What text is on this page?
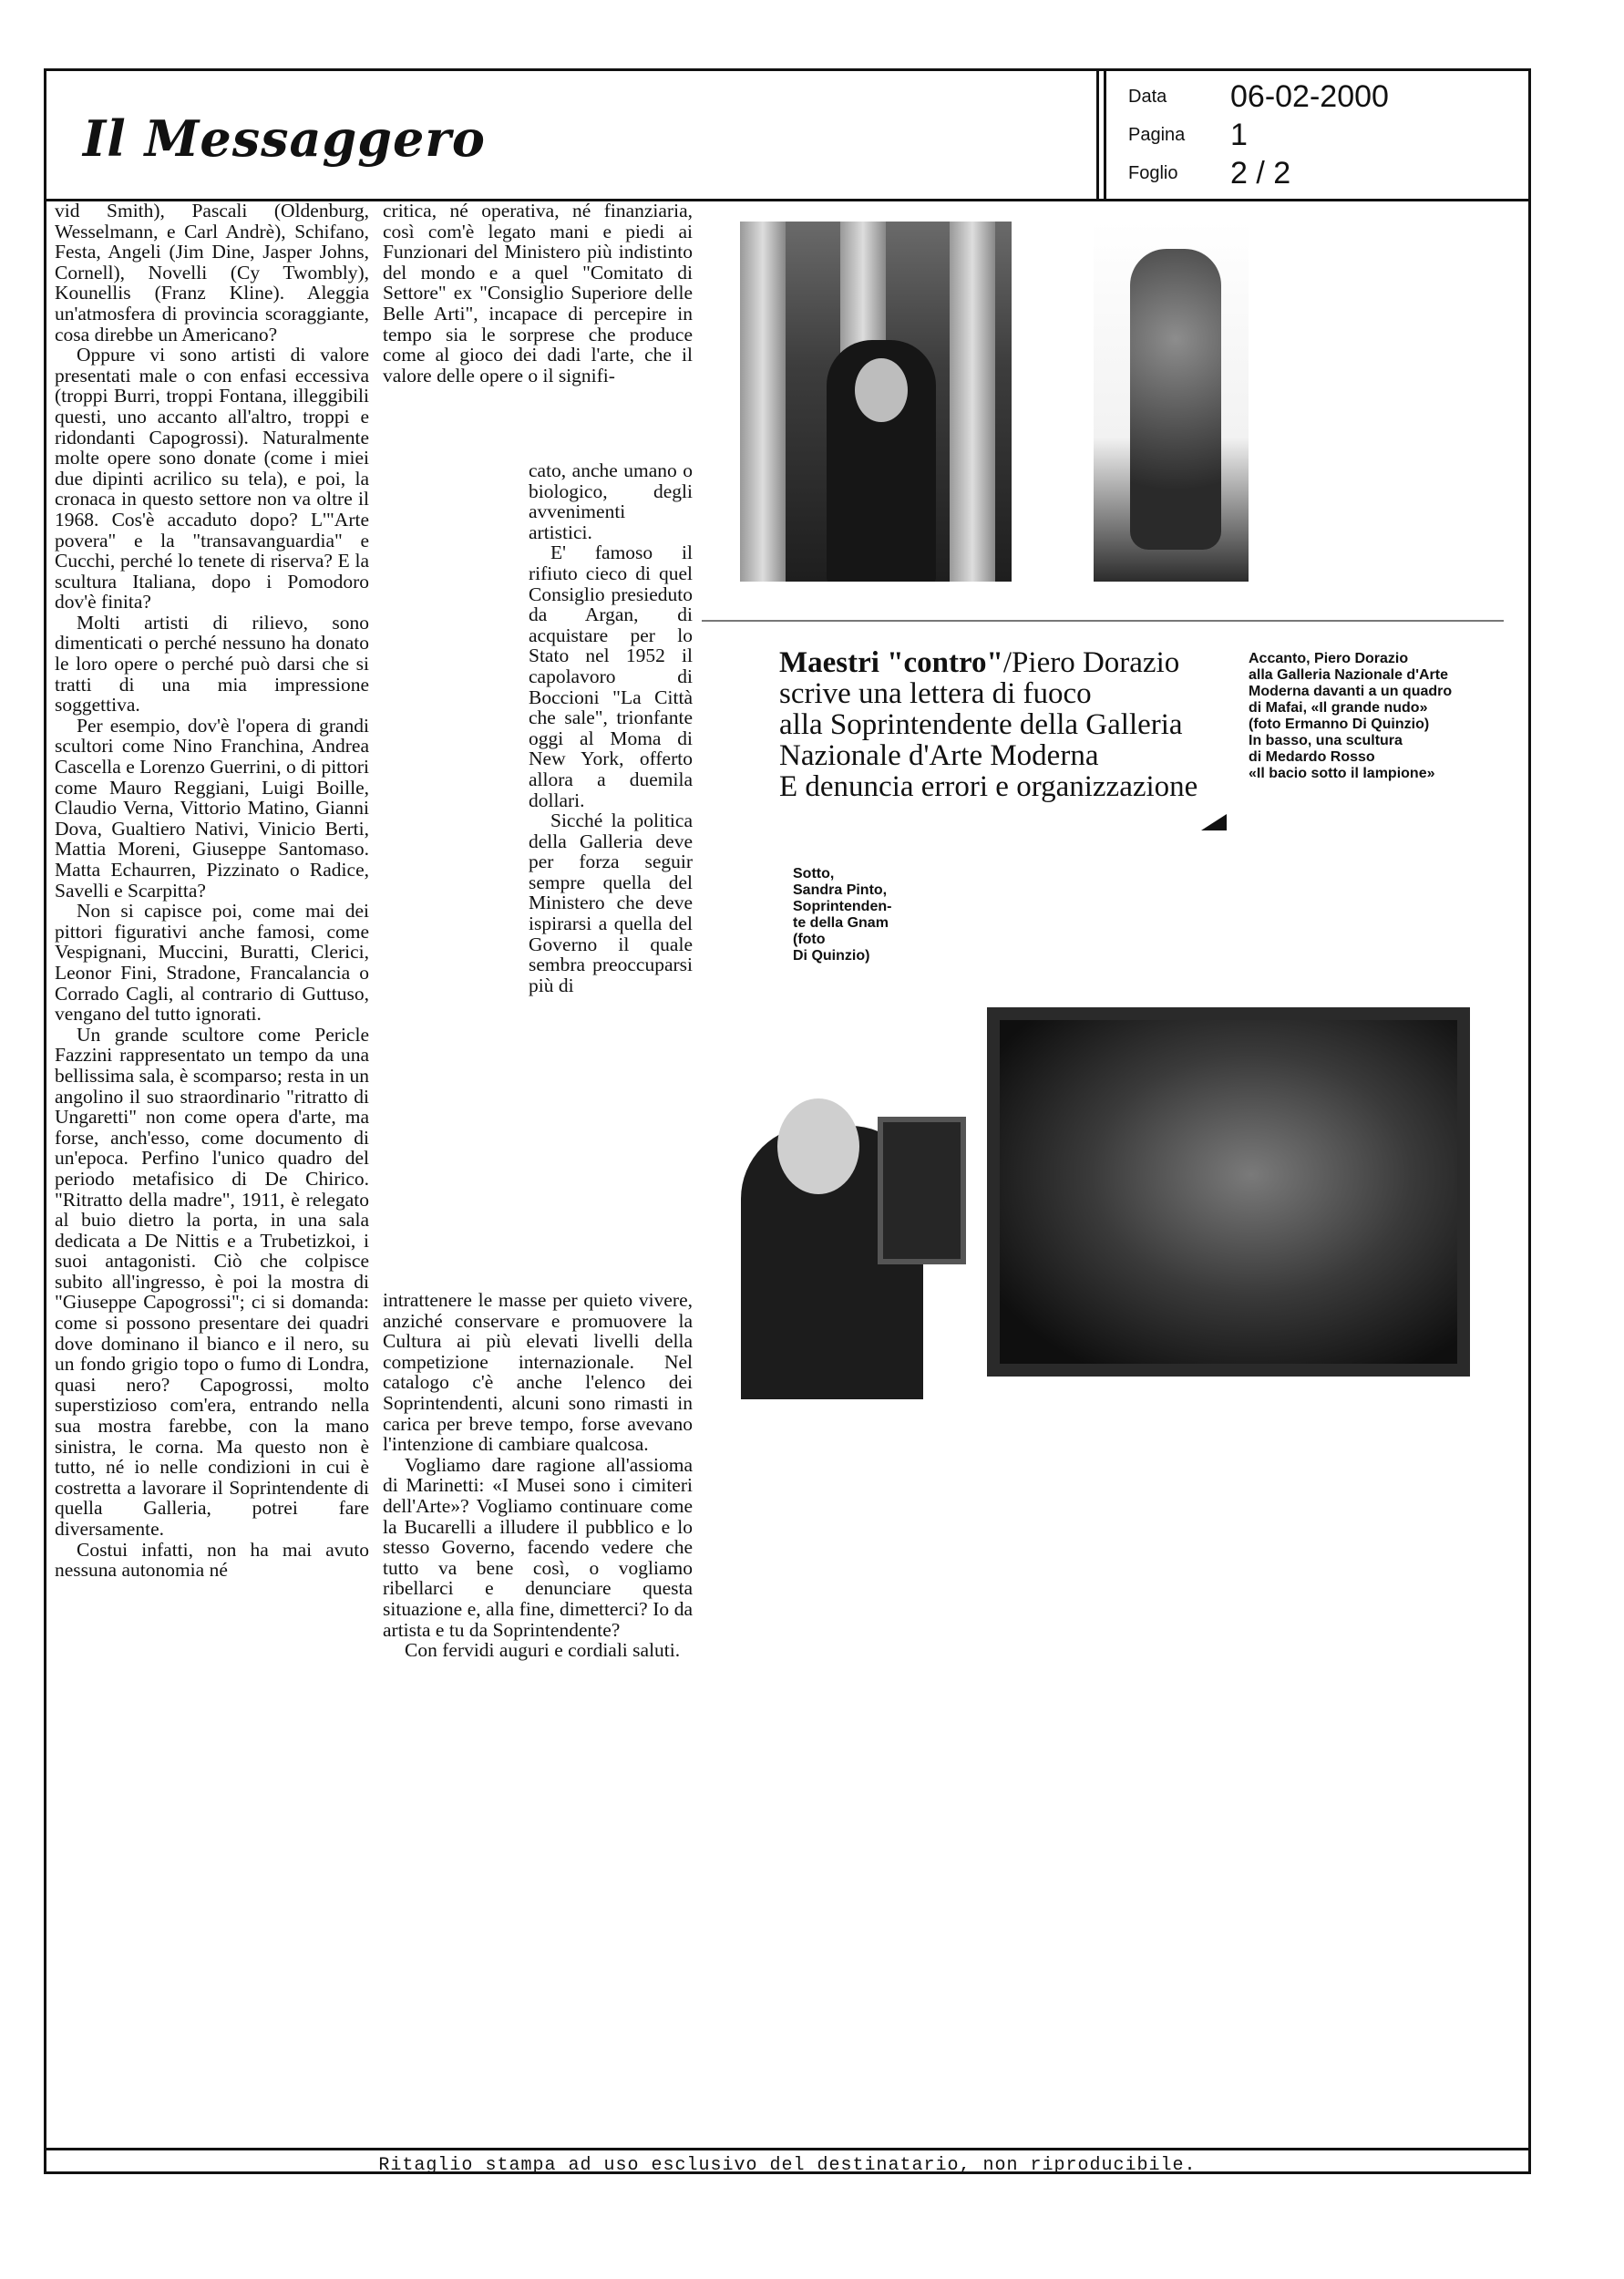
Il Messaggero
Data	06-02-2000
Pagina	1
Foglio	2 / 2
Ritaglio stampa ad uso esclusivo del destinatario, non riproducibile.

vid Smith), Pascali (Oldenburg, Wesselmann, e Carl Andrè), Schifano, Festa, Angeli (Jim Dine, Jasper Johns, Cornell), Novelli (Cy Twombly), Kounellis (Franz Kline). Aleggia un'atmosfera di provincia scoraggiante, cosa direbbe un Americano?

Oppure vi sono artisti di valore presentati male o con enfasi eccessiva (troppi Burri, troppi Fontana, illeggibili questi, uno accanto all'altro, troppi e ridondanti Capogrossi). Naturalmente molte opere sono donate (come i miei due dipinti acrilico su tela), e poi, la cronaca in questo settore non va oltre il 1968. Cos'è accaduto dopo? L'"Arte povera" e la "transavanguardia" e Cucchi, perché lo tenete di riserva? E la scultura Italiana, dopo i Pomodoro dov'è finita?

Molti artisti di rilievo, sono dimenticati o perché nessuno ha donato le loro opere o perché può darsi che si tratti di una mia impressione soggettiva.

Per esempio, dov'è l'opera di grandi scultori come Nino Franchina, Andrea Cascella e Lorenzo Guerrini, o di pittori come Mauro Reggiani, Luigi Boille, Claudio Verna, Vittorio Matino, Gianni Dova, Gualtiero Nativi, Vinicio Berti, Mattia Moreni, Giuseppe Santomaso. Matta Echaurren, Pizzinato o Radice, Savelli e Scarpitta?

Non si capisce poi, come mai dei pittori figurativi anche famosi, come Vespignani, Muccini, Buratti, Clerici, Leonor Fini, Stradone, Francalancia o Corrado Cagli, al contrario di Guttuso, vengano del tutto ignorati.

Un grande scultore come Pericle Fazzini rappresentato un tempo da una bellissima sala, è scomparso; resta in un angolino il suo straordinario "ritratto di Ungaretti" non come opera d'arte, ma forse, anch'esso, come documento di un'epoca. Perfino l'unico quadro del periodo metafisico di De Chirico. "Ritratto della madre", 1911, è relegato al buio dietro la porta, in una sala dedicata a De Nittis e a Trubetizkoi, i suoi antagonisti. Ciò che colpisce subito all'ingresso, è poi la mostra di "Giuseppe Capogrossi"; ci si domanda: come si possono presentare dei quadri dove dominano il bianco e il nero, su un fondo grigio topo o fumo di Londra, quasi nero? Capogrossi, molto superstizioso com'era, entrando nella sua mostra farebbe, con la mano sinistra, le corna. Ma questo non è tutto, né io nelle condizioni in cui è costretta a lavorare il Soprintendente di quella Galleria, potrei fare diversamente.

Costui infatti, non ha mai avuto nessuna autonomia né

critica, né operativa, né finanziaria, così com'è legato mani e piedi ai Funzionari del Ministero più indistinto del mondo e a quel "Comitato di Settore" ex "Consiglio Superiore delle Belle Arti", incapace di percepire in tempo sia le sorprese che produce come al gioco dei dadi l'arte, che il valore delle opere o il signifi-

cato, anche umano o biologico, degli avvenimenti artistici.

E' famoso il rifiuto cieco di quel Consiglio presieduto da Argan, di acquistare per lo Stato nel 1952 il capolavoro di Boccioni "La Città che sale", trionfante oggi al Moma di New York, offerto allora a duemila dollari.

Sicché la politica della Galleria deve per forza seguir sempre quella del Ministero che deve ispirarsi a quella del Governo il quale sembra preoccuparsi più di

intrattenere le masse per quieto vivere, anziché conservare e promuovere la Cultura ai più elevati livelli della competizione internazionale. Nel catalogo c'è anche l'elenco dei Soprintendenti, alcuni sono rimasti in carica per breve tempo, forse avevano l'intenzione di cambiare qualcosa.

Vogliamo dare ragione all'assioma di Marinetti: «I Musei sono i cimiteri dell'Arte»? Vogliamo continuare come la Bucarelli a illudere il pubblico e lo stesso Governo, facendo vedere che tutto va bene così, o vogliamo ribellarci e denunciare questa situazione e, alla fine, dimetterci? Io da artista e tu da Soprintendente?

Con fervidi auguri e cordiali saluti.

Maestri "contro"/Piero Dorazio
scrive una lettera di fuoco
alla Soprintendente della Galleria
Nazionale d'Arte Moderna
E denuncia errori e organizzazione
Accanto, Piero Dorazio
alla Galleria Nazionale d'Arte
Moderna davanti a un quadro
di Mafai, «Il grande nudo»
(foto Ermanno Di Quinzio)
In basso, una scultura
di Medardo Rosso
«Il bacio sotto il lampione»
Sotto,
Sandra Pinto,
Soprintenden-
te della Gnam
(foto
Di Quinzio)
